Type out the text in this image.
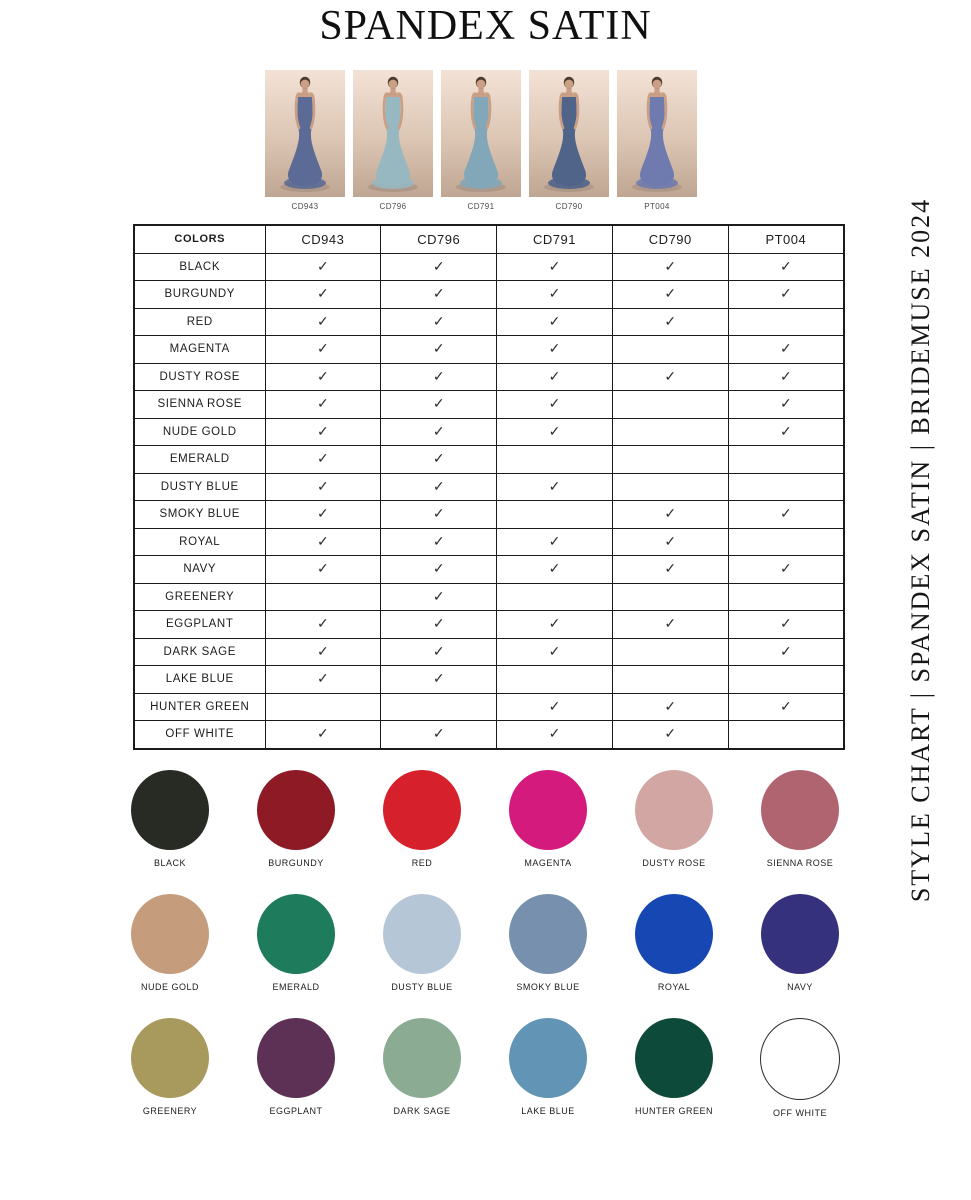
SPANDEX SATIN
CD943	CD796	CD791	CD790	PT004
COLORS	CD943	CD796	CD791	CD790	PT004
BLACK	✓	✓	✓	✓	✓
BURGUNDY	✓	✓	✓	✓	✓
RED	✓	✓	✓	✓	
MAGENTA	✓	✓	✓		✓
DUSTY ROSE	✓	✓	✓	✓	✓
SIENNA ROSE	✓	✓	✓		✓
NUDE GOLD	✓	✓	✓		✓
EMERALD	✓	✓			
DUSTY BLUE	✓	✓	✓		
SMOKY BLUE	✓	✓		✓	✓
ROYAL	✓	✓	✓	✓	
NAVY	✓	✓	✓	✓	✓
GREENERY		✓			
EGGPLANT	✓	✓	✓	✓	✓
DARK SAGE	✓	✓	✓		✓
LAKE BLUE	✓	✓			
HUNTER GREEN			✓	✓	✓
OFF WHITE	✓	✓	✓	✓	
BLACK	BURGUNDY	RED	MAGENTA	DUSTY ROSE	SIENNA ROSE
NUDE GOLD	EMERALD	DUSTY BLUE	SMOKY BLUE	ROYAL	NAVY
GREENERY	EGGPLANT	DARK SAGE	LAKE BLUE	HUNTER GREEN	OFF WHITE
STYLE CHART | SPANDEX SATIN | BRIDEMUSE 2024
